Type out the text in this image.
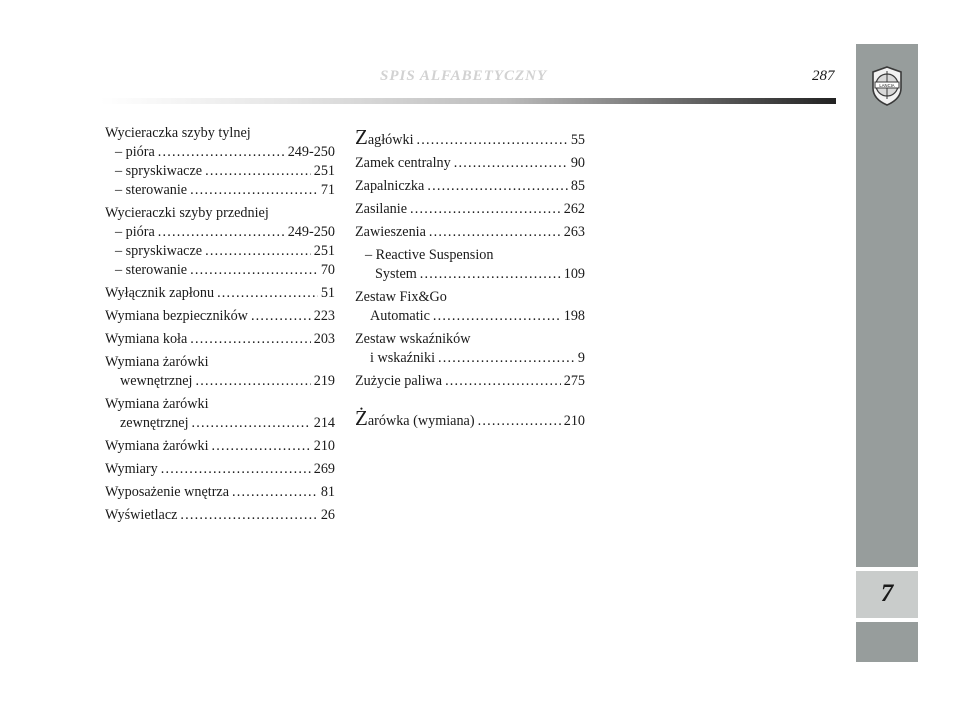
SPIS ALFABETYCZNY	287
LANCIA
7
Wycieraczka szyby tylnej
– pióra .....	249-250
– spryskiwacze .....	251
– sterowanie .....	71
Wycieraczki szyby przedniej
– pióra .....	249-250
– spryskiwacze .....	251
– sterowanie .....	70
Wyłącznik zapłonu .....	51
Wymiana bezpieczników .....	223
Wymiana koła .....	203
Wymiana żarówki
wewnętrznej .....	219
Wymiana żarówki
zewnętrznej .....	214
Wymiana żarówki .....	210
Wymiary .....	269
Wyposażenie wnętrza .....	81
Wyświetlacz .....	26
Zagłówki .....	55
Zamek centralny .....	90
Zapalniczka .....	85
Zasilanie .....	262
Zawieszenia .....	263
– Reactive Suspension
System .....	109
Zestaw Fix&Go
Automatic .....	198
Zestaw wskaźników
i wskaźniki .....	9
Zużycie paliwa .....	275
Żarówka (wymiana) .....	210
